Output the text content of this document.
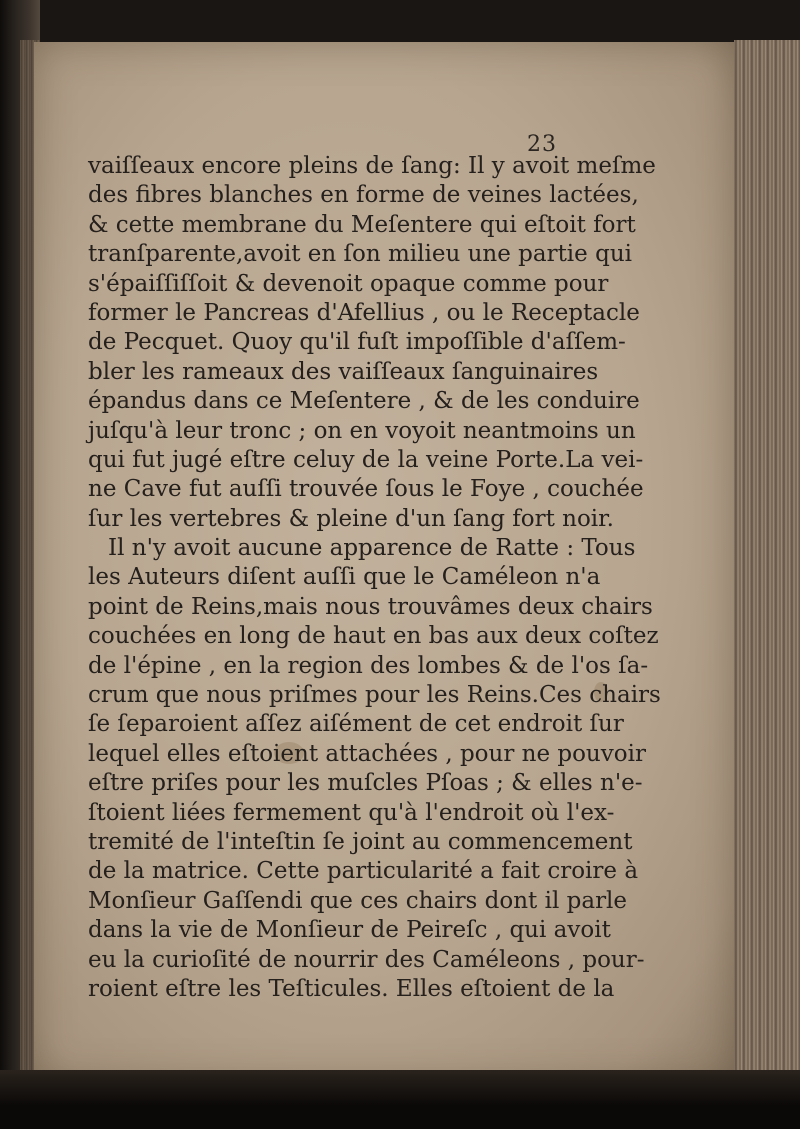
23
vaiſſeaux encore pleins de ſang: Il y avoit meſme
des fibres blanches en forme de veines lactées,
& cette membrane du Meſentere qui eſtoit fort
tranſparente,avoit en ſon milieu une partie qui
s'épaiſſiſſoit & devenoit opaque comme pour
former le Pancreas d'Afellius , ou le Receptacle
de Pecquet. Quoy qu'il fuſt impoſſible d'aſſem-
bler les rameaux des vaiſſeaux ſanguinaires
épandus dans ce Meſentere , & de les conduire
juſqu'à leur tronc ; on en voyoit neantmoins un
qui fut jugé eſtre celuy de la veine Porte.La vei-
ne Cave fut auſſi trouvée ſous le Foye , couchée
ſur les vertebres & pleine d'un ſang fort noir.
Il n'y avoit aucune apparence de Ratte : Tous
les Auteurs diſent auſſi que le Caméleon n'a
point de Reins,mais nous trouvâmes deux chairs
couchées en long de haut en bas aux deux coſtez
de l'épine , en la region des lombes & de l'os ſa-
crum que nous priſmes pour les Reins.Ces chairs
ſe ſeparoient aſſez aiſément de cet endroit ſur
lequel elles eſtoient attachées , pour ne pouvoir
eſtre priſes pour les muſcles Pſoas ; & elles n'e-
ſtoient liées fermement qu'à l'endroit où l'ex-
tremité de l'inteſtin ſe joint au commencement
de la matrice. Cette particularité a fait croire à
Monſieur Gaſſendi que ces chairs dont il parle
dans la vie de Monſieur de Peireſc , qui avoit
eu la curioſité de nourrir des Caméleons , pour-
roient eſtre les Teſticules. Elles eſtoient de la
